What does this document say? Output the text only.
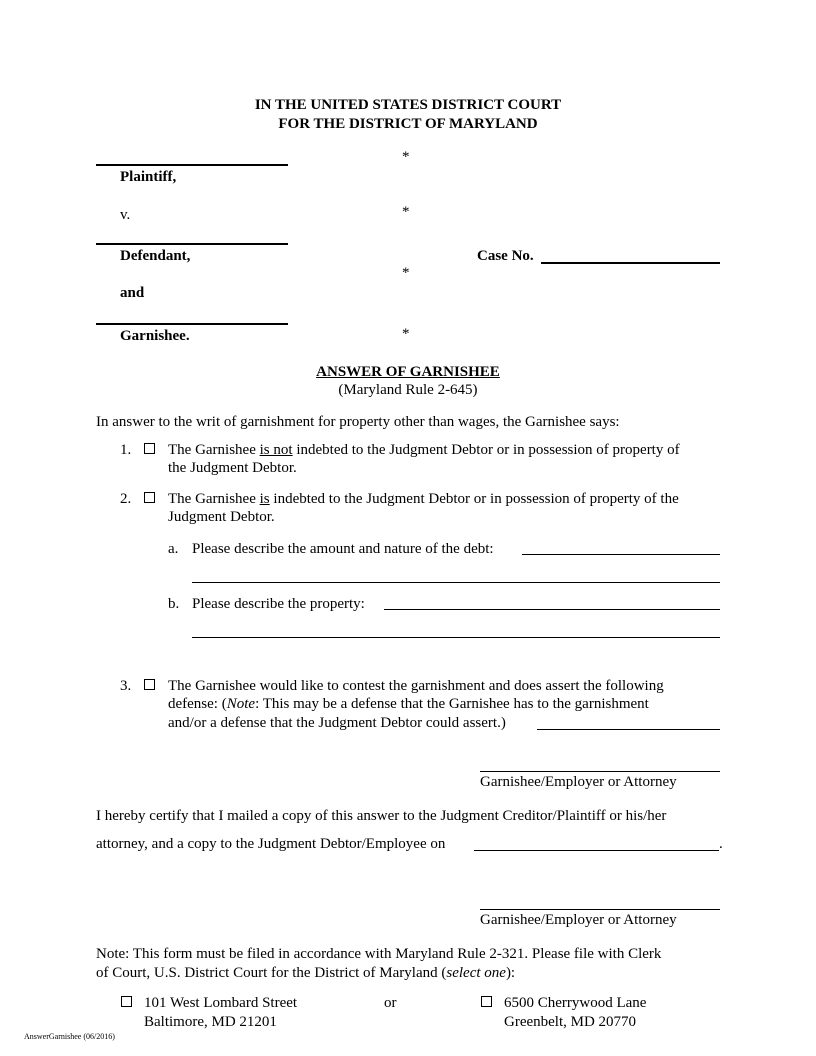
IN THE UNITED STATES DISTRICT COURT
FOR THE DISTRICT OF MARYLAND
*
Plaintiff,
v.	*
Defendant,	Case No.
*
and
*
Garnishee.
ANSWER OF GARNISHEE
(Maryland Rule 2-645)
In answer to the writ of garnishment for property other than wages, the Garnishee says:
1. The Garnishee is not indebted to the Judgment Debtor or in possession of property of
the Judgment Debtor.
2. The Garnishee is indebted to the Judgment Debtor or in possession of property of the
Judgment Debtor.
a. Please describe the amount and nature of the debt:
b. Please describe the property:
3. The Garnishee would like to contest the garnishment and does assert the following
defense: (Note: This may be a defense that the Garnishee has to the garnishment
and/or a defense that the Judgment Debtor could assert.)
Garnishee/Employer or Attorney
I hereby certify that I mailed a copy of this answer to the Judgment Creditor/Plaintiff or his/her
attorney, and a copy to the Judgment Debtor/Employee on	.
Garnishee/Employer or Attorney
Note: This form must be filed in accordance with Maryland Rule 2-321. Please file with Clerk
of Court, U.S. District Court for the District of Maryland (select one):
101 West Lombard Street
Baltimore, MD 21201
or	6500 Cherrywood Lane
Greenbelt, MD 20770
AnswerGarnishee (06/2016)
